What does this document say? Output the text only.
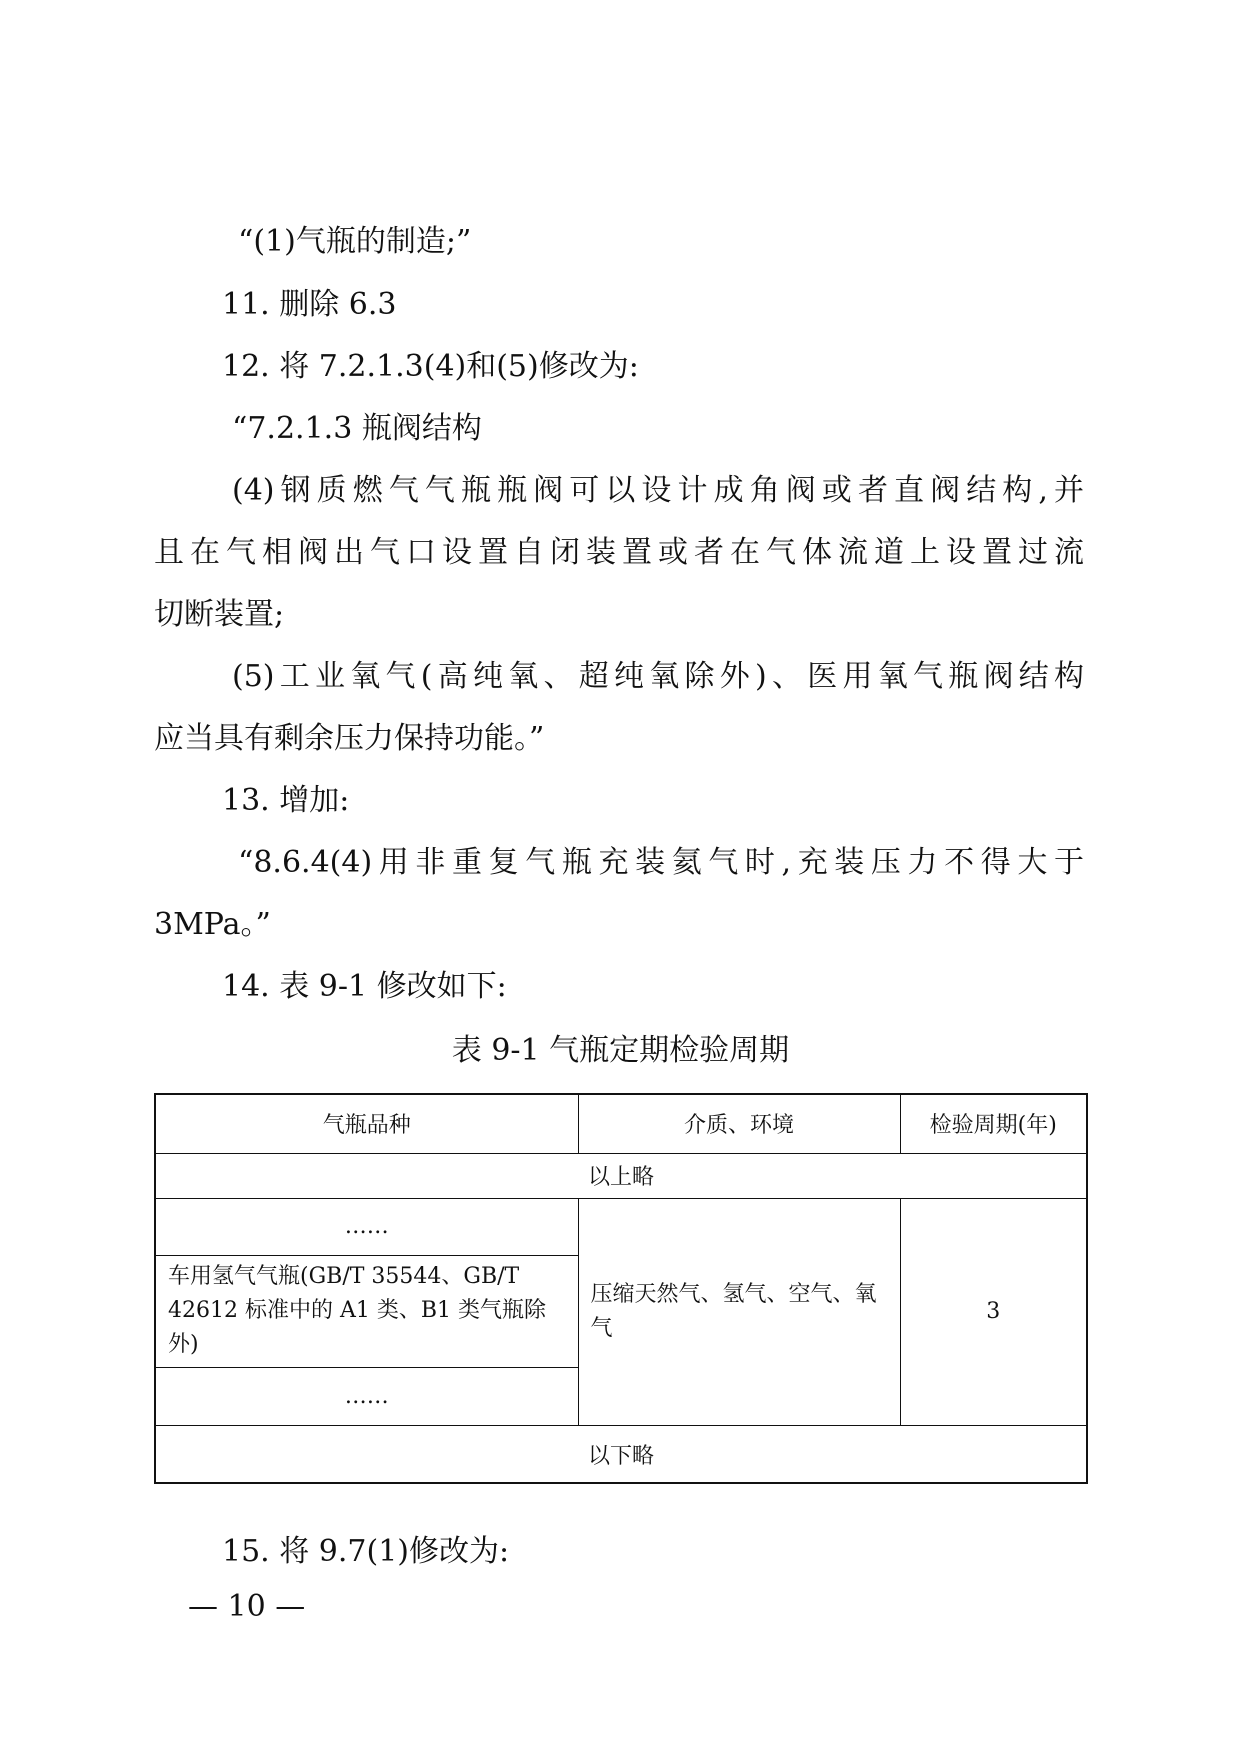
“(1)气瓶的制造;”
11. 删除 6.3
12. 将 7.2.1.3(4)和(5)修改为:
“7.2.1.3 瓶阀结构
(4)钢质燃气气瓶瓶阀可以设计成角阀或者直阀结构,并
且在气相阀出气口设置自闭装置或者在气体流道上设置过流
切断装置;
(5)工业氧气(高纯氧、超纯氧除外)、医用氧气瓶阀结构
应当具有剩余压力保持功能。”
13. 增加:
“8.6.4(4)用非重复气瓶充装氦气时,充装压力不得大于
3MPa。”
14. 表 9-1 修改如下:
表 9-1 气瓶定期检验周期
气瓶品种	介质、环境	检验周期(年)
以上略		
……	压缩天然气、氢气、空气、氧气	3
车用氢气气瓶(GB/T 35544、GB/T 42612 标准中的 A1 类、B1 类气瓶除外)		
……		
以下略		
15. 将 9.7(1)修改为:
— 10 —
